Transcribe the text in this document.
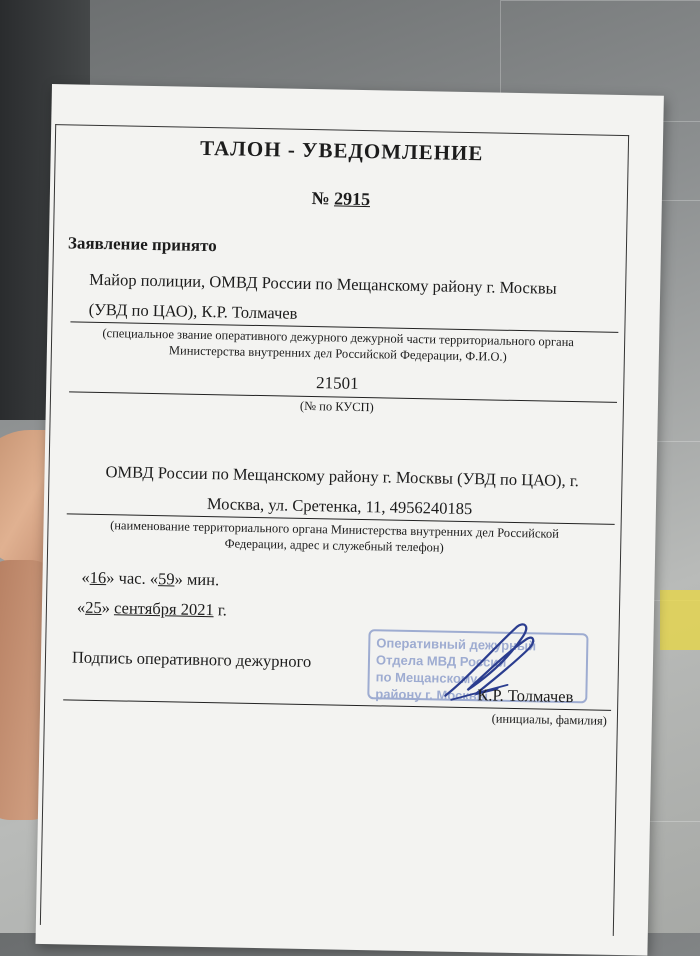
ТАЛОН - УВЕДОМЛЕНИЕ
№ 2915
Заявление принято
Майор полиции, ОМВД России по Мещанскому району г. Москвы
(УВД по ЦАО), К.Р. Толмачев
(специальное звание оперативного дежурного дежурной части территориального органа
Министерства внутренних дел Российской Федерации, Ф.И.О.)
21501
(№ по КУСП)
ОМВД России по Мещанскому району г. Москвы (УВД по ЦАО), г.
Москва, ул. Сретенка, 11, 4956240185
(наименование территориального органа Министерства внутренних дел Российской
Федерации, адрес и служебный телефон)
«16» час. «59» мин.
«25» сентября 2021 г.
Подпись оперативного дежурного
Оперативный дежурный
Отдела МВД России
по Мещанскому
району г. Москвы
К.Р. Толмачев
(инициалы, фамилия)
